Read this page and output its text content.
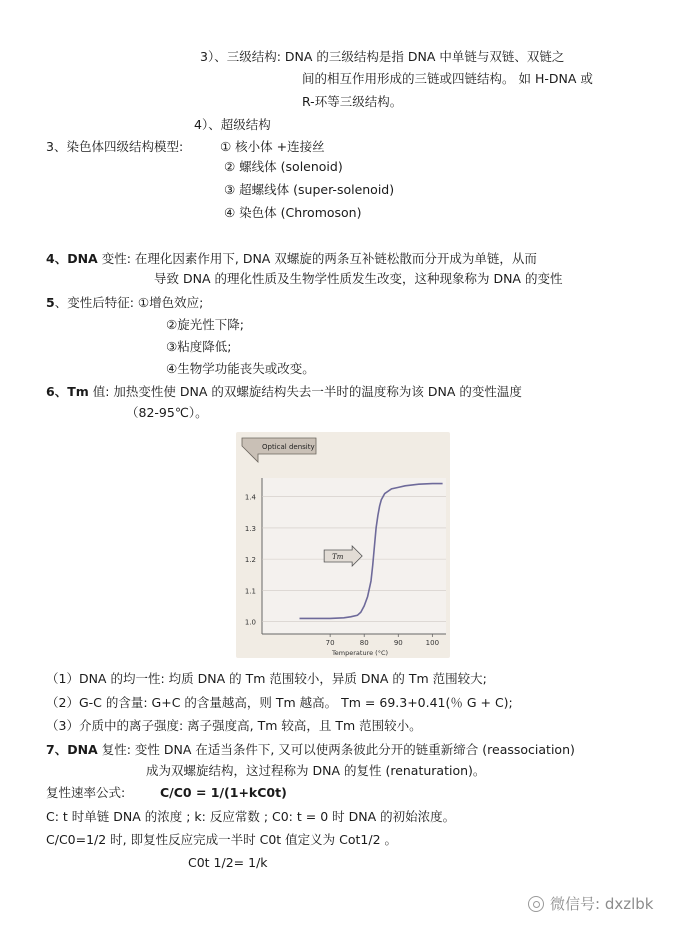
3）、三级结构: DNA 的三级结构是指 DNA 中单链与双链、双链之
间的相互作用形成的三链或四链结构。 如 H-DNA 或
R-环等三级结构。
4）、超级结构
3、染色体四级结构模型:	① 核小体 +连接丝
② 螺线体 (solenoid)
③ 超螺线体 (super-solenoid)
④ 染色体 (Chromoson)
4、DNA 变性: 在理化因素作用下, DNA 双螺旋的两条互补链松散而分开成为单链，从而
导致 DNA 的理化性质及生物学性质发生改变，这种现象称为 DNA 的变性
5、变性后特征: ①增色效应;
②旋光性下降;
③粘度降低;
④生物学功能丧失或改变。
6、Tm 值: 加热变性使 DNA 的双螺旋结构失去一半时的温度称为该 DNA 的变性温度
（82-95℃）。
1.0
1.1
1.2
1.3
1.4
70	80	90	100
Temperature (°C)
Optical density
Tm
（1）DNA 的均一性: 均质 DNA 的 Tm 范围较小，异质 DNA 的 Tm 范围较大;
（2）G-C 的含量: G+C 的含量越高，则 Tm 越高。 Tm = 69.3+0.41(％ G + C);
（3）介质中的离子强度: 离子强度高, Tm 较高，且 Tm 范围较小。
7、DNA 复性: 变性 DNA 在适当条件下, 又可以使两条彼此分开的链重新缔合 (reassociation)
成为双螺旋结构，这过程称为 DNA 的复性 (renaturation)。
复性速率公式:	C/C0 = 1/(1+kC0t)
C: t 时单链 DNA 的浓度 ; k: 反应常数 ; C0: t = 0 时 DNA 的初始浓度。
C/C0=1/2 时, 即复性反应完成一半时 C0t 值定义为 Cot1/2 。
C0t 1/2= 1/k
微信号: dxzlbk
